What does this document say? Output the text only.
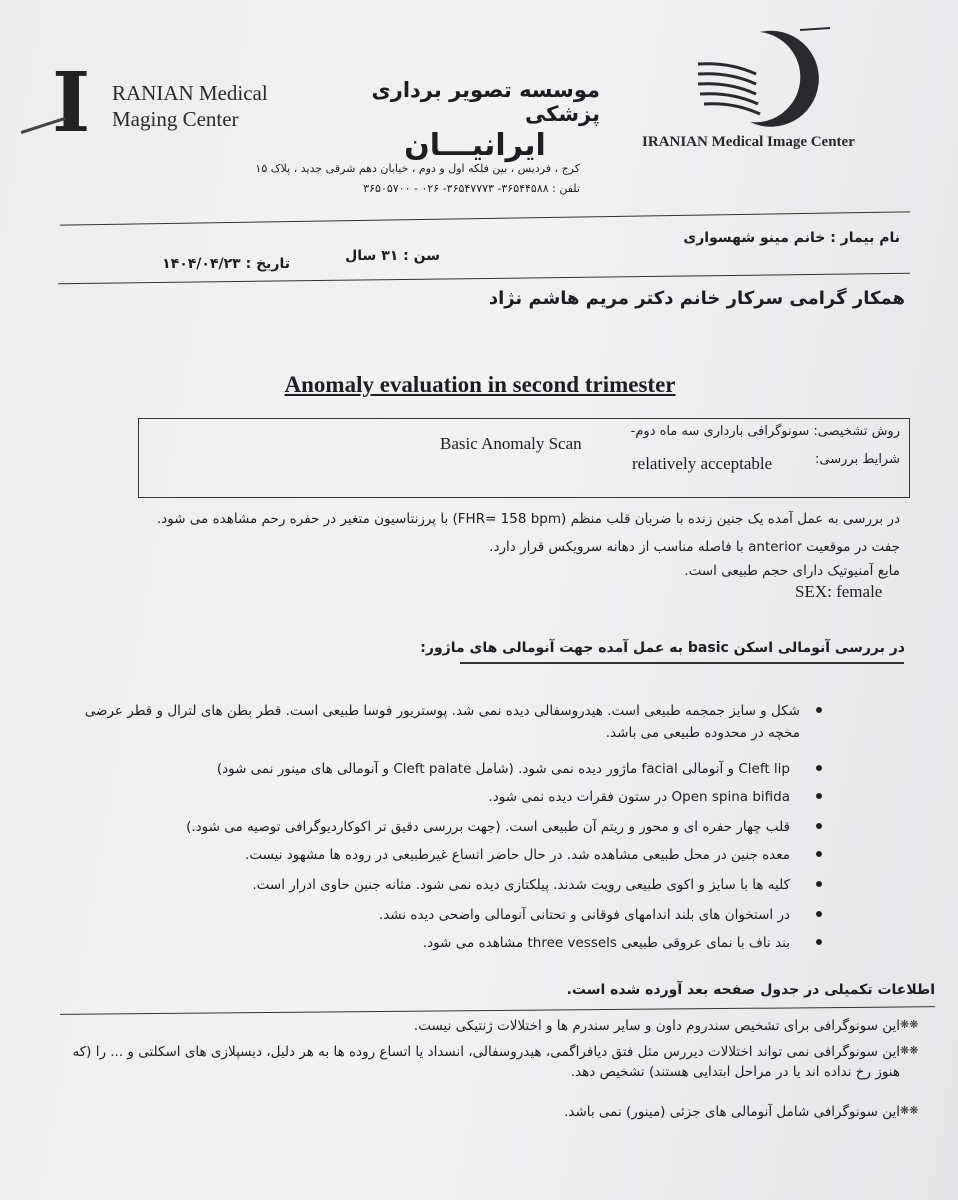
I RANIAN Medical
Maging Center
موسسه تصویر برداری پزشکی
ایرانیـــان
کرج ، فردیس ، بین فلکه اول و دوم ، خیابان دهم شرقی جدید ، پلاک ۱۵
تلفن : ۳۶۵۴۴۵۸۸- ۳۶۵۴۷۷۷۳- ۰۲۶ - ۳۶۵۰۵۷۰۰
IRANIAN Medical Image Center
نام بیمار : خانم مینو شهسواری
سن : ۳۱ سال
تاریخ : ۱۴۰۴/۰۴/۲۳
همکار گرامی سرکار خانم دکتر مریم هاشم نژاد
Anomaly evaluation in second trimester
روش تشخیصی: سونوگرافی بارداری سه ماه دوم-
Basic Anomaly Scan
شرایط بررسی:
relatively acceptable
در بررسی به عمل آمده یک جنین زنده با ضربان قلب منظم (FHR= 158 bpm) با پرزنتاسیون متغیر در حفره رحم مشاهده می شود.
جفت در موقعیت anterior با فاصله مناسب از دهانه سرویکس قرار دارد.
مایع آمنیوتیک دارای حجم طبیعی است.
SEX: female
در بررسی آنومالی اسکن basic به عمل آمده جهت آنومالی های ماژور:
شکل و سایز جمجمه طبیعی است. هیدروسفالی دیده نمی شد. پوستریور فوسا طبیعی است. قطر بطن های لترال و قطر عرضی مخچه در محدوده طبیعی می باشد.
Cleft lip و آنومالی facial ماژور دیده نمی شود. (شامل Cleft palate و آنومالی های مینور نمی شود)
Open spina bifida در ستون فقرات دیده نمی شود.
قلب چهار حفره ای و محور و ریتم آن طبیعی است. (جهت بررسی دقیق تر اکوکاردیوگرافی توصیه می شود.)
معده جنین در محل طبیعی مشاهده شد. در حال حاضر اتساع غیرطبیعی در روده ها مشهود نیست.
کلیه ها با سایز و اکوی طبیعی رویت شدند. پیلکتازی دیده نمی شود. مثانه جنین حاوی ادرار است.
در استخوان های بلند اندامهای فوقانی و تحتانی آنومالی واضحی دیده نشد.
بند ناف با نمای عروقی طبیعی three vessels مشاهده می شود.
اطلاعات تکمیلی در جدول صفحه بعد آورده شده است.
❋❋
این سونوگرافی برای تشخیص سندروم داون و سایر سندرم ها و اختلالات ژنتیکی نیست.
❋❋
این سونوگرافی نمی تواند اختلالات دیررس مثل فتق دیافراگمی، هیدروسفالی، انسداد یا اتساع روده ها به هر دلیل، دیسپلازی های اسکلتی و ... را (که هنوز رخ نداده اند یا در مراحل ابتدایی هستند) تشخیص دهد.
❋❋
این سونوگرافی شامل آنومالی های جزئی (مینور) نمی باشد.
